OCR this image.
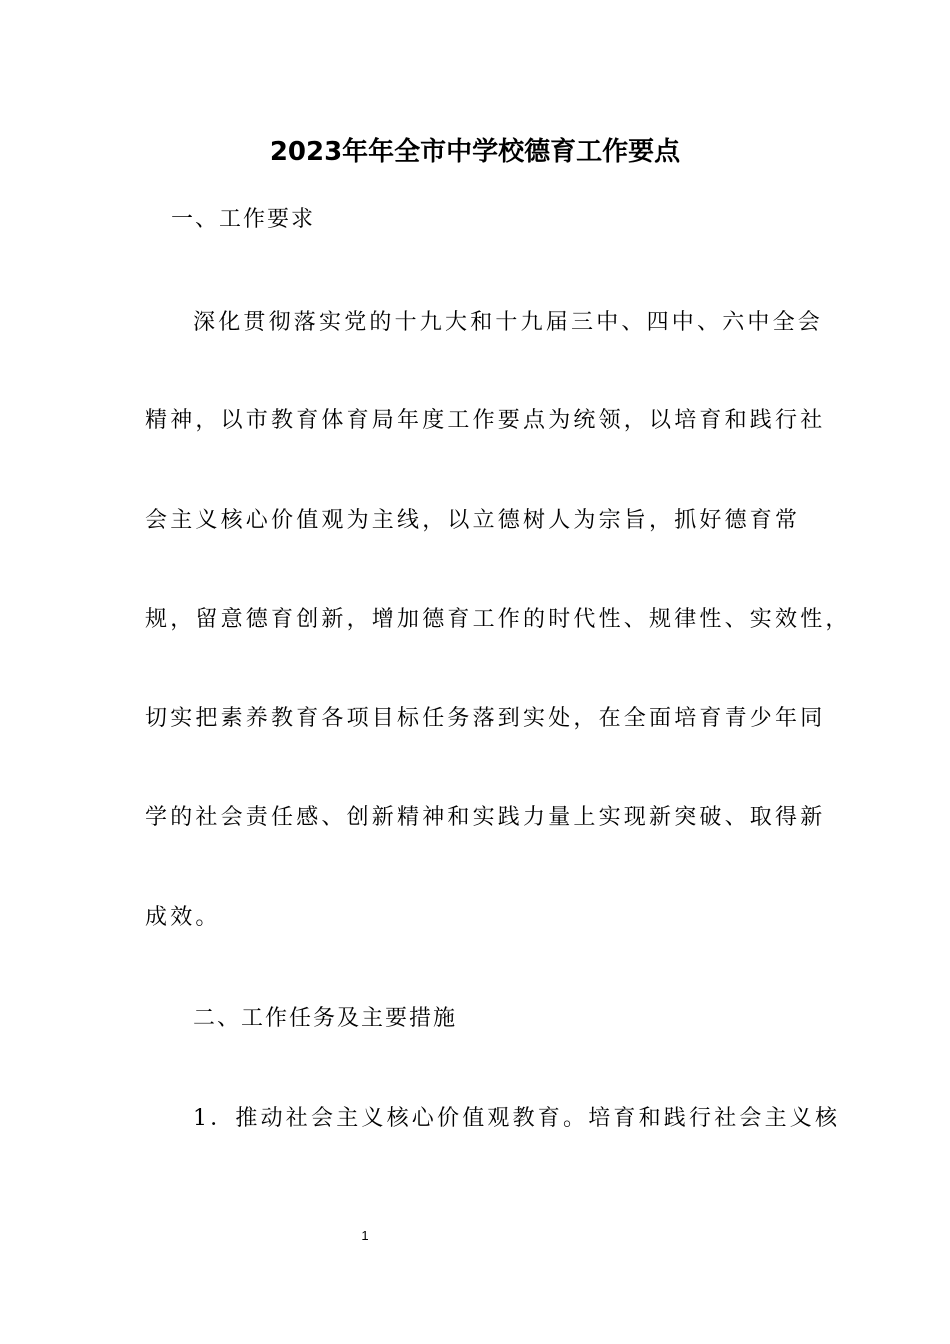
2023年年全市中学校德育工作要点
一、工作要求
深化贯彻落实党的十九大和十九届三中、四中、六中全会
精神，以市教育体育局年度工作要点为统领，以培育和践行社
会主义核心价值观为主线，以立德树人为宗旨，抓好德育常
规，留意德育创新，增加德育工作的时代性、规律性、实效性，
切实把素养教育各项目标任务落到实处，在全面培育青少年同
学的社会责任感、创新精神和实践力量上实现新突破、取得新
成效。
二、工作任务及主要措施
1．推动社会主义核心价值观教育。培育和践行社会主义核
1
